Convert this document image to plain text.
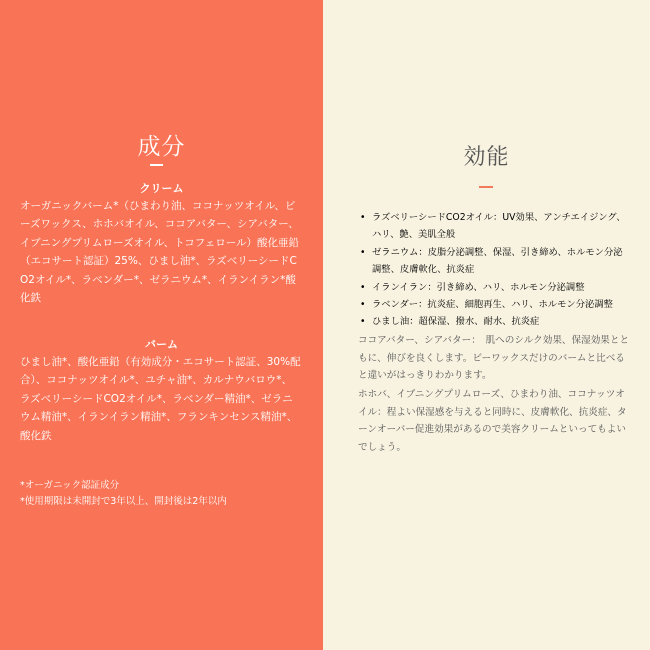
成分
クリーム
オーガニックバーム*（ひまわり油、ココナッツオイル、ビーズワックス、ホホバオイル、ココアバター、シアバター、イブニングプリムローズオイル、トコフェロール）酸化亜鉛（エコサート認証）25%、ひまし油*、ラズベリーシードCO2オイル*、ラベンダー*、ゼラニウム*、イランイラン*酸化鉄
バーム
ひまし油*、酸化亜鉛（有効成分・エコサート認証、30%配合）、ココナッツオイル*、ユチャ油*、カルナウバロウ*、ラズベリーシードCO2オイル*、ラベンダー精油*、ゼラニウム精油*、イランイラン精油*、フランキンセンス精油*、酸化鉄
*オーガニック認証成分
*使用期限は未開封で3年以上、開封後は2年以内
効能
• ラズベリーシードCO2オイル：UV効果、アンチエイジング、ハリ、艶、美肌全般
• ゼラニウム：皮脂分泌調整、保湿、引き締め、ホルモン分泌調整、皮膚軟化、抗炎症
• イランイラン：引き締め、ハリ、ホルモン分泌調整
• ラベンダー：抗炎症、細胞再生、ハリ、ホルモン分泌調整
• ひまし油：超保湿、撥水、耐水、抗炎症
ココアバター、シアバター：　肌へのシルク効果、保湿効果とともに、伸びを良くします。ビーワックスだけのバームと比べると違いがはっきりわかります。
ホホバ、イブニングプリムローズ、ひまわり油、ココナッツオイル：程よい保湿感を与えると同時に、皮膚軟化、抗炎症、ターンオーバー促進効果があるので美容クリームといってもよいでしょう。
